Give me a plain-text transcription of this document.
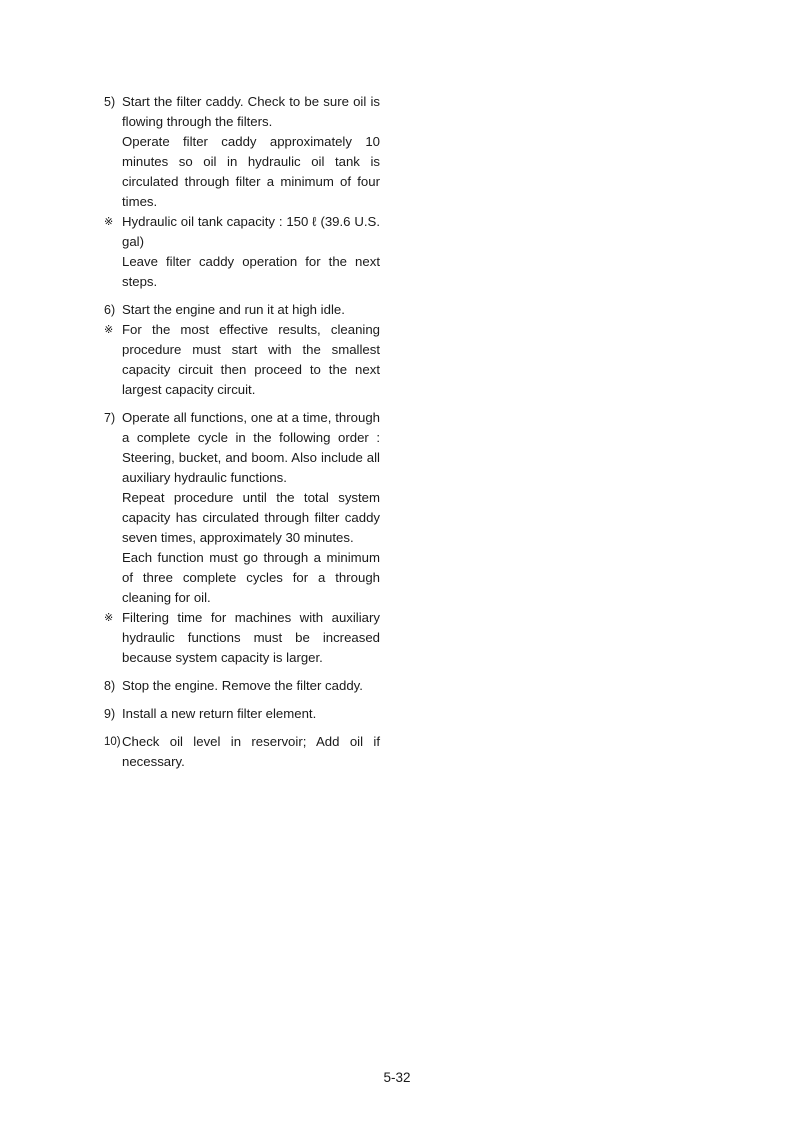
5) Start the filter caddy. Check to be sure oil is flowing through the filters.
Operate filter caddy approximately 10 minutes so oil in hydraulic oil tank is circulated through filter a minimum of four times.
※ Hydraulic oil tank capacity : 150 ℓ (39.6 U.S. gal)
Leave filter caddy operation for the next steps.
6) Start the engine and run it at high idle.
※ For the most effective results, cleaning procedure must start with the smallest capacity circuit then proceed to the next largest capacity circuit.
7) Operate all functions, one at a time, through a complete cycle in the following order : Steering, bucket, and boom. Also include all auxiliary hydraulic functions.
Repeat procedure until the total system capacity has circulated through filter caddy seven times, approximately 30 minutes.
Each function must go through a minimum of three complete cycles for a through cleaning for oil.
※ Filtering time for machines with auxiliary hydraulic functions must be increased because system capacity is larger.
8) Stop the engine. Remove the filter caddy.
9) Install a new return filter element.
10) Check oil level in reservoir; Add oil if necessary.
5-32
